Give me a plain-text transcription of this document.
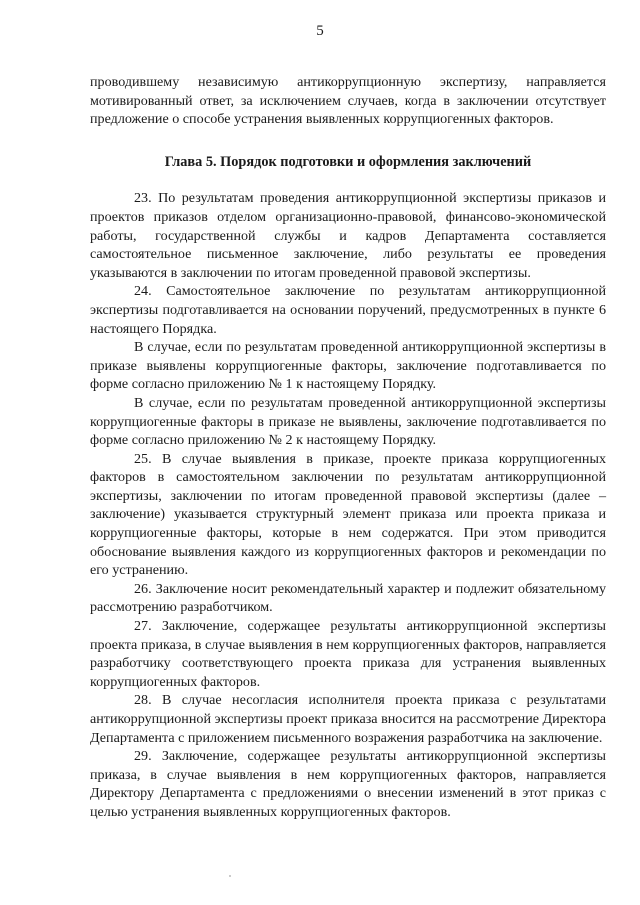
5

проводившему независимую антикоррупционную экспертизу, направляется мотивированный ответ, за исключением случаев, когда в заключении отсутствует предложение о способе устранения выявленных коррупциогенных факторов.

Глава 5. Порядок подготовки и оформления заключений

23. По результатам проведения антикоррупционной экспертизы приказов и проектов приказов отделом организационно-правовой, финансово-экономической работы, государственной службы и кадров Департамента составляется самостоятельное письменное заключение, либо результаты ее проведения указываются в заключении по итогам проведенной правовой экспертизы.

24. Самостоятельное заключение по результатам антикоррупционной экспертизы подготавливается на основании поручений, предусмотренных в пункте 6 настоящего Порядка.

В случае, если по результатам проведенной антикоррупционной экспертизы в приказе выявлены коррупциогенные факторы, заключение подготавливается по форме согласно приложению № 1 к настоящему Порядку.

В случае, если по результатам проведенной антикоррупционной экспертизы коррупциогенные факторы в приказе не выявлены, заключение подготавливается по форме согласно приложению № 2 к настоящему Порядку.

25. В случае выявления в приказе, проекте приказа коррупциогенных факторов в самостоятельном заключении по результатам антикоррупционной экспертизы, заключении по итогам проведенной правовой экспертизы (далее – заключение) указывается структурный элемент приказа или проекта приказа и коррупциогенные факторы, которые в нем содержатся. При этом приводится обоснование выявления каждого из коррупциогенных факторов и рекомендации по его устранению.

26. Заключение носит рекомендательный характер и подлежит обязательному рассмотрению разработчиком.

27. Заключение, содержащее результаты антикоррупционной экспертизы проекта приказа, в случае выявления в нем коррупциогенных факторов, направляется разработчику соответствующего проекта приказа для устранения выявленных коррупциогенных факторов.

28. В случае несогласия исполнителя проекта приказа с результатами антикоррупционной экспертизы проект приказа вносится на рассмотрение Директора Департамента с приложением письменного возражения разработчика на заключение.

29. Заключение, содержащее результаты антикоррупционной экспертизы приказа, в случае выявления в нем коррупциогенных факторов, направляется Директору Департамента с предложениями о внесении изменений в этот приказ с целью устранения выявленных коррупциогенных факторов.
